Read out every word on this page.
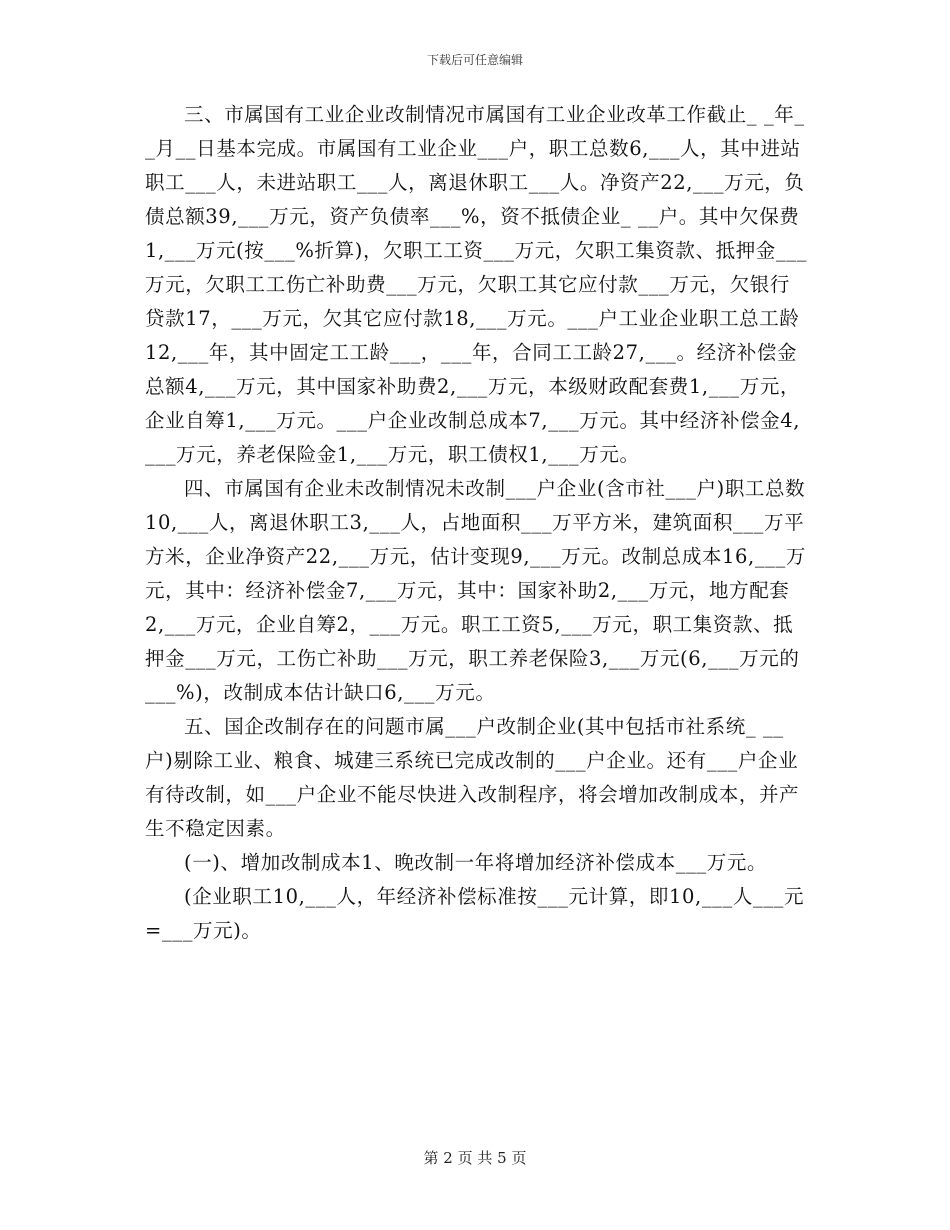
下载后可任意编辑

三、市属国有工业企业改制情况市属国有工业企业改革工作截止_ _年__月__日基本完成。市属国有工业企业___户，职工总数6,___人，其中进站职工___人，未进站职工___人，离退休职工___人。净资产22,___万元，负债总额39,___万元，资产负债率___%，资不抵债企业_ __户。其中欠保费1,___万元(按___%折算)，欠职工工资___万元，欠职工集资款、抵押金___万元，欠职工工伤亡补助费___万元，欠职工其它应付款___万元，欠银行贷款17，___万元，欠其它应付款18,___万元。___户工业企业职工总工龄12,___年，其中固定工工龄___，___年，合同工工龄27,___。经济补偿金总额4,___万元，其中国家补助费2,___万元，本级财政配套费1,___万元，企业自筹1,___万元。___户企业改制总成本7,___万元。其中经济补偿金4,___万元，养老保险金1,___万元，职工债权1,___万元。

四、市属国有企业未改制情况未改制___户企业(含市社___户)职工总数10,___人，离退休职工3,___人，占地面积___万平方米，建筑面积___万平方米，企业净资产22,___万元，估计变现9,___万元。改制总成本16,___万元，其中：经济补偿金7,___万元，其中：国家补助2,___万元，地方配套2,___万元，企业自筹2，___万元。职工工资5,___万元，职工集资款、抵押金___万元，工伤亡补助___万元，职工养老保险3,___万元(6,___万元的___%)，改制成本估计缺口6,___万元。

五、国企改制存在的问题市属___户改制企业(其中包括市社系统_ __户)剔除工业、粮食、城建三系统已完成改制的___户企业。还有___户企业有待改制，如___户企业不能尽快进入改制程序，将会增加改制成本，并产生不稳定因素。

(一)、增加改制成本1、晚改制一年将增加经济补偿成本___万元。

(企业职工10,___人，年经济补偿标准按___元计算，即10,___人___元=___万元)。

第 2 页 共 5 页
